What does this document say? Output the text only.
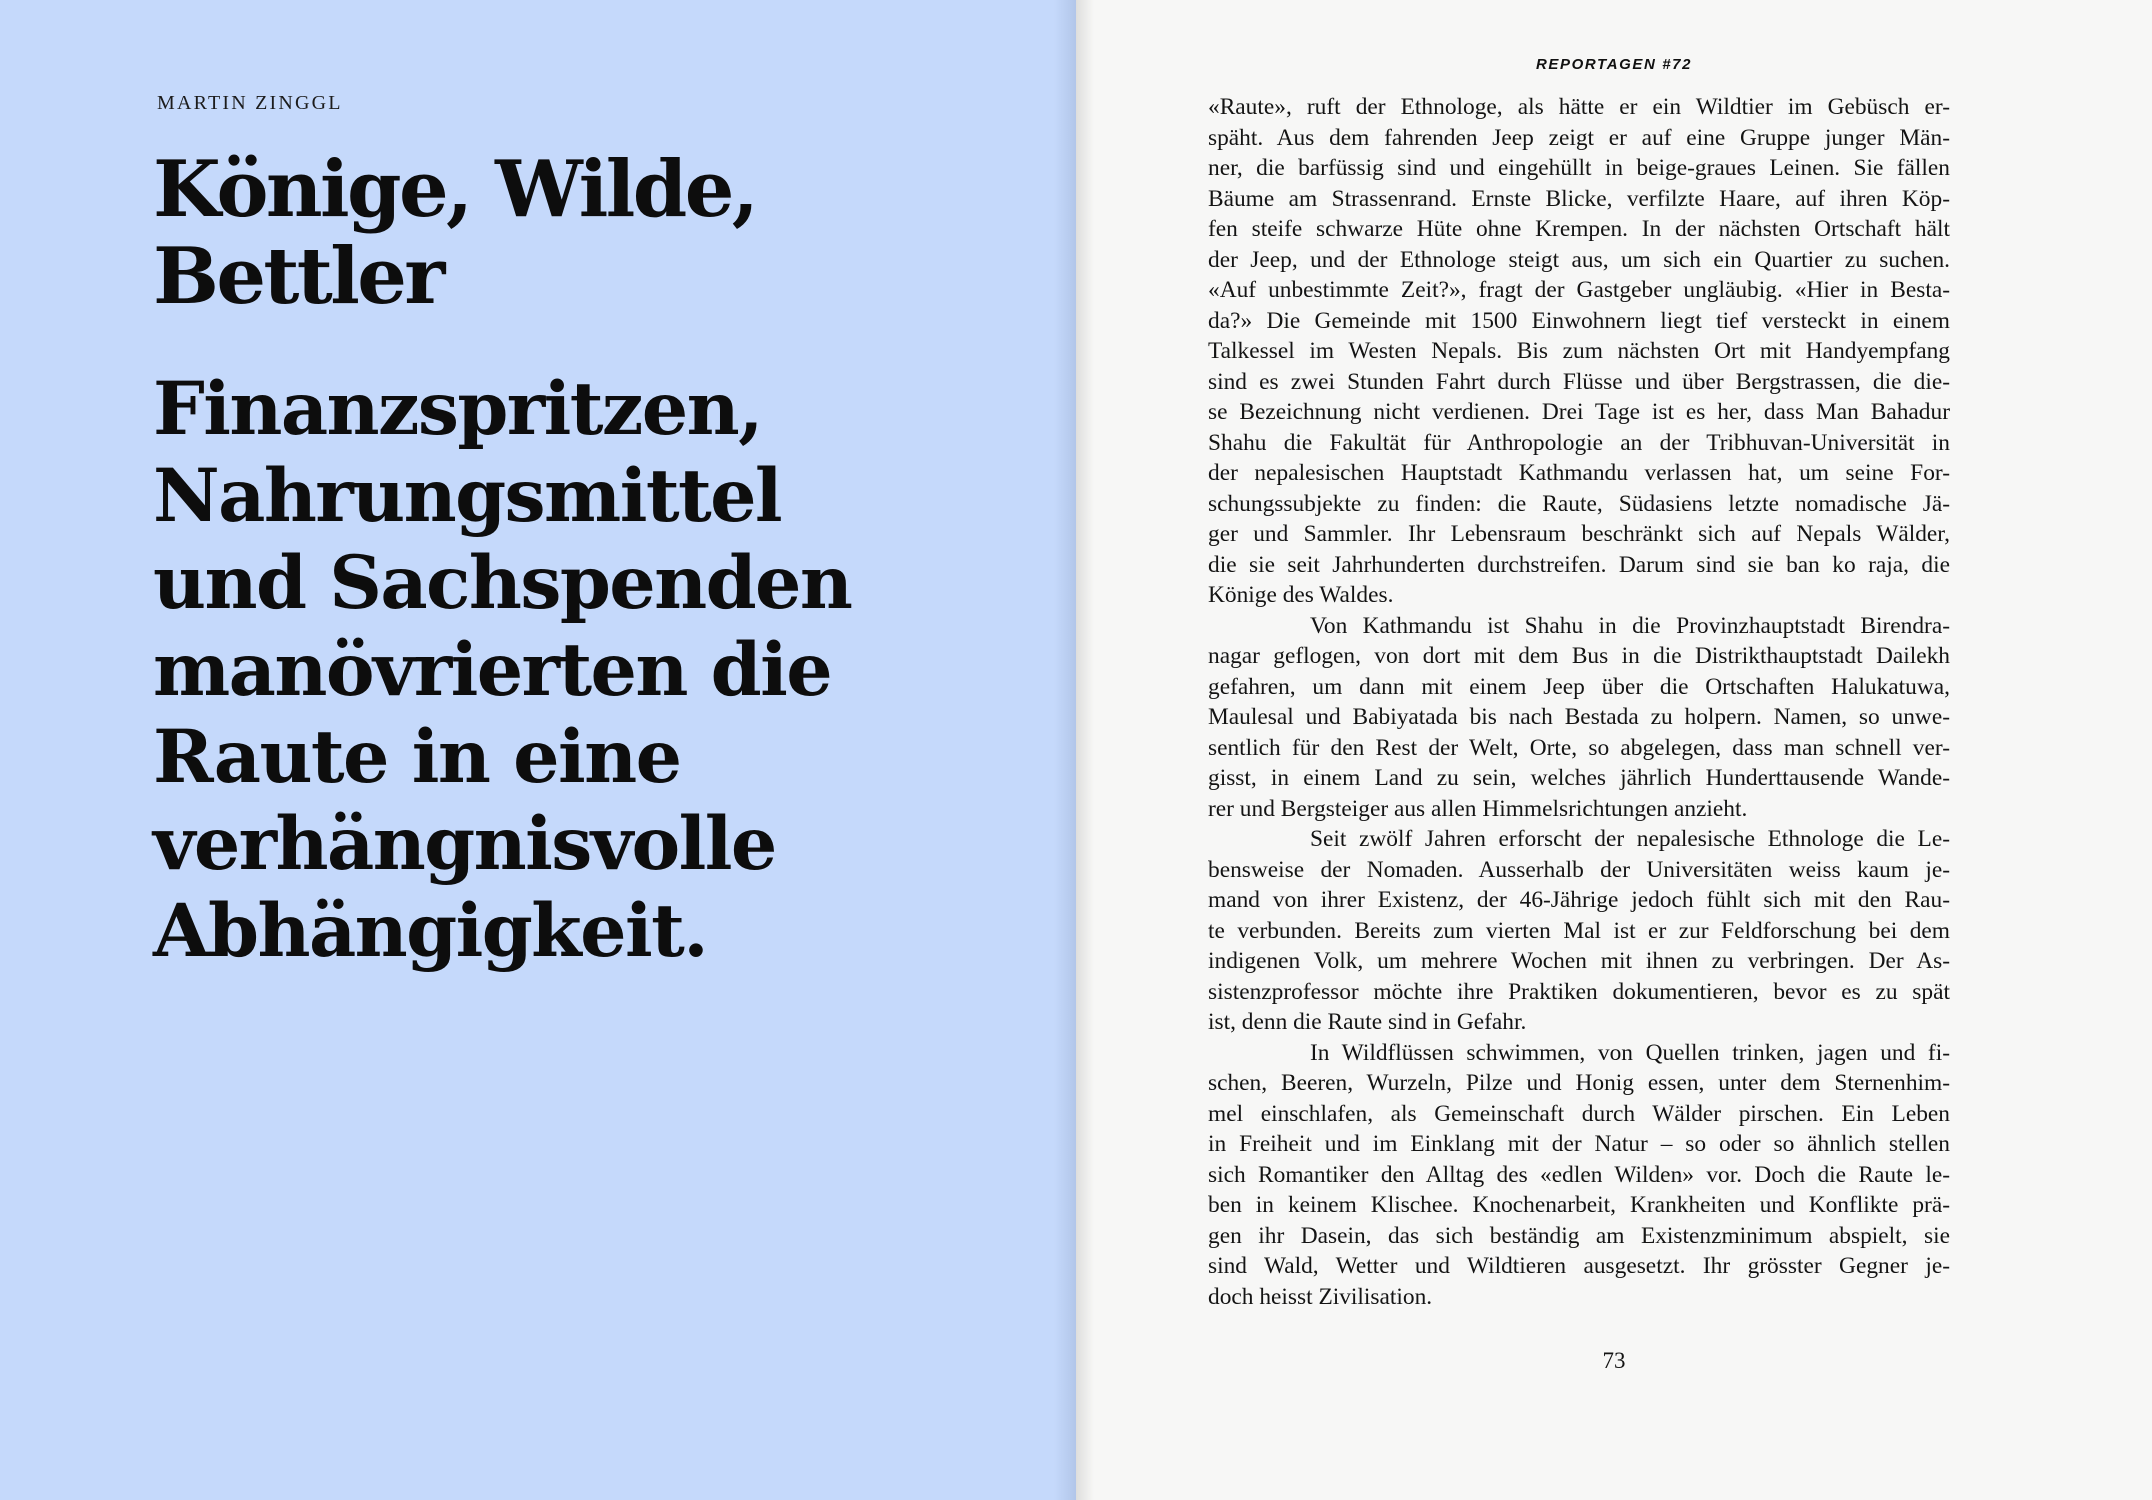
MARTIN ZINGGL
Könige, Wilde,
Bettler
Finanzspritzen,
Nahrungsmittel
und Sachspenden
manövrierten die
Raute in eine
verhängnisvolle
Abhängigkeit.
REPORTAGEN #72
73
«Raute», ruft der Ethnologe, als hätte er ein Wildtier im Gebüsch er-
späht. Aus dem fahrenden Jeep zeigt er auf eine Gruppe junger Män-
ner, die barfüssig sind und eingehüllt in beige-graues Leinen. Sie fällen
Bäume am Strassenrand. Ernste Blicke, verfilzte Haare, auf ihren Köp-
fen steife schwarze Hüte ohne Krempen. In der nächsten Ortschaft hält
der Jeep, und der Ethnologe steigt aus, um sich ein Quartier zu suchen.
«Auf unbestimmte Zeit?», fragt der Gastgeber ungläubig. «Hier in Besta-
da?» Die Gemeinde mit 1500 Einwohnern liegt tief versteckt in einem
Talkessel im Westen Nepals. Bis zum nächsten Ort mit Handyempfang
sind es zwei Stunden Fahrt durch Flüsse und über Bergstrassen, die die-
se Bezeichnung nicht verdienen. Drei Tage ist es her, dass Man Bahadur
Shahu die Fakultät für Anthropologie an der Tribhuvan-Universität in
der nepalesischen Hauptstadt Kathmandu verlassen hat, um seine For-
schungssubjekte zu finden: die Raute, Südasiens letzte nomadische Jä-
ger und Sammler. Ihr Lebensraum beschränkt sich auf Nepals Wälder,
die sie seit Jahrhunderten durchstreifen. Darum sind sie ban ko raja, die
Könige des Waldes.
Von Kathmandu ist Shahu in die Provinzhauptstadt Birendra-
nagar geflogen, von dort mit dem Bus in die Distrikthauptstadt Dailekh
gefahren, um dann mit einem Jeep über die Ortschaften Halukatuwa,
Maulesal und Babiyatada bis nach Bestada zu holpern. Namen, so unwe-
sentlich für den Rest der Welt, Orte, so abgelegen, dass man schnell ver-
gisst, in einem Land zu sein, welches jährlich Hunderttausende Wande-
rer und Bergsteiger aus allen Himmelsrichtungen anzieht.
Seit zwölf Jahren erforscht der nepalesische Ethnologe die Le-
bensweise der Nomaden. Ausserhalb der Universitäten weiss kaum je-
mand von ihrer Existenz, der 46-Jährige jedoch fühlt sich mit den Rau-
te verbunden. Bereits zum vierten Mal ist er zur Feldforschung bei dem
indigenen Volk, um mehrere Wochen mit ihnen zu verbringen. Der As-
sistenzprofessor möchte ihre Praktiken dokumentieren, bevor es zu spät
ist, denn die Raute sind in Gefahr.
In Wildflüssen schwimmen, von Quellen trinken, jagen und fi-
schen, Beeren, Wurzeln, Pilze und Honig essen, unter dem Sternenhim-
mel einschlafen, als Gemeinschaft durch Wälder pirschen. Ein Leben
in Freiheit und im Einklang mit der Natur – so oder so ähnlich stellen
sich Romantiker den Alltag des «edlen Wilden» vor. Doch die Raute le-
ben in keinem Klischee. Knochenarbeit, Krankheiten und Konflikte prä-
gen ihr Dasein, das sich beständig am Existenzminimum abspielt, sie
sind Wald, Wetter und Wildtieren ausgesetzt. Ihr grösster Gegner je-
doch heisst Zivilisation.
